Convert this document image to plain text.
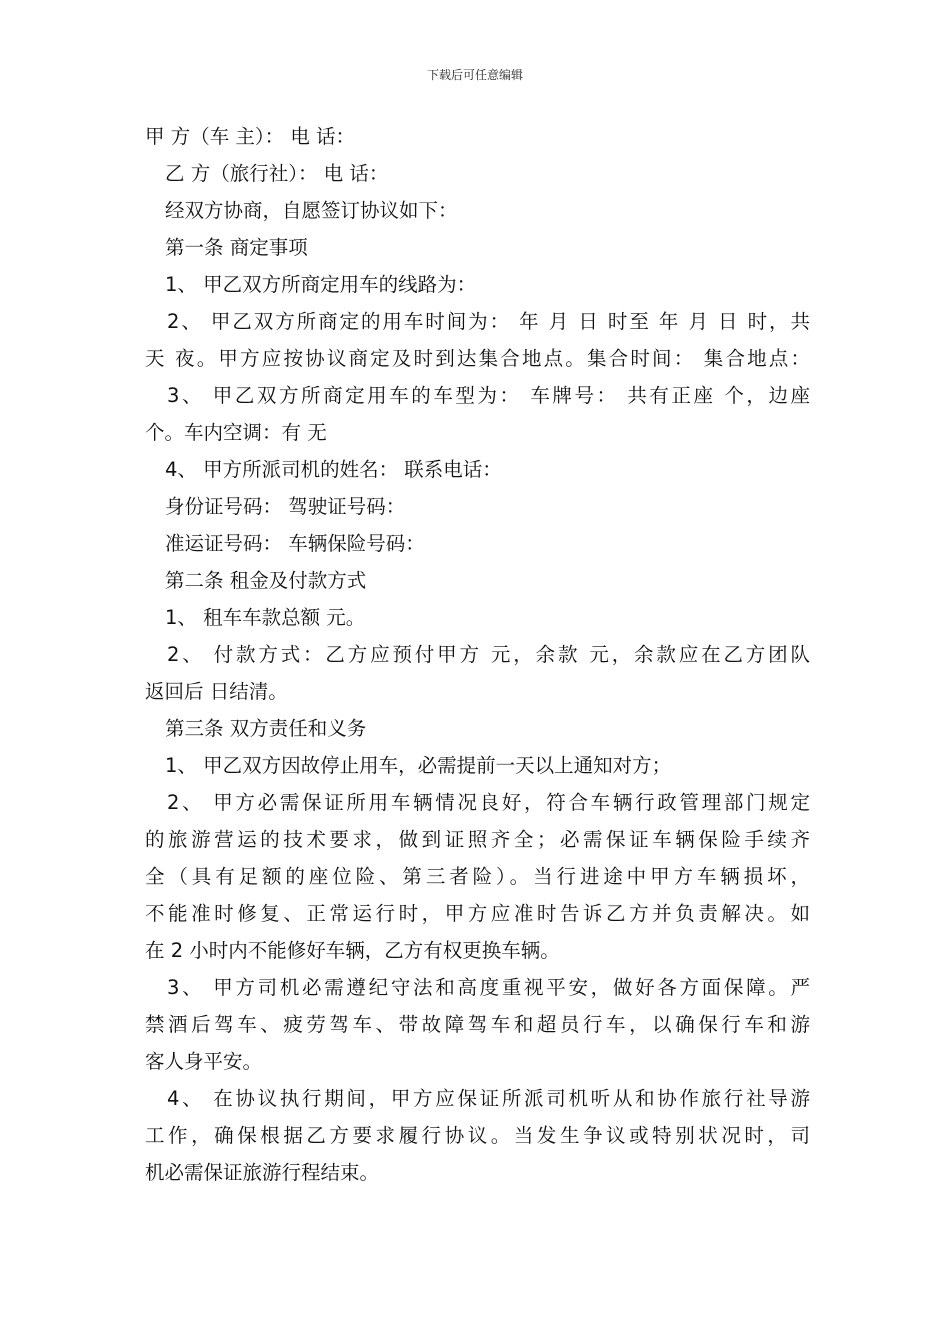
下载后可任意编辑
甲 方（车 主）： 电 话：
乙 方（旅行社）： 电 话：
经双方协商，自愿签订协议如下：
第一条 商定事项
1、 甲乙双方所商定用车的线路为：
2、 甲乙双方所商定的用车时间为： 年 月 日 时至 年 月 日 时，共
天 夜。甲方应按协议商定及时到达集合地点。集合时间： 集合地点：
3、 甲乙双方所商定用车的车型为： 车牌号： 共有正座 个，边座
个。车内空调：有 无
4、 甲方所派司机的姓名： 联系电话：
身份证号码： 驾驶证号码：
准运证号码： 车辆保险号码：
第二条 租金及付款方式
1、 租车车款总额 元。
2、 付款方式：乙方应预付甲方 元，余款 元，余款应在乙方团队
返回后 日结清。
第三条 双方责任和义务
1、 甲乙双方因故停止用车，必需提前一天以上通知对方；
2、 甲方必需保证所用车辆情况良好，符合车辆行政管理部门规定
的旅游营运的技术要求，做到证照齐全；必需保证车辆保险手续齐
全（具有足额的座位险、第三者险）。当行进途中甲方车辆损坏，
不能准时修复、正常运行时，甲方应准时告诉乙方并负责解决。如
在 2 小时内不能修好车辆，乙方有权更换车辆。
3、 甲方司机必需遵纪守法和高度重视平安，做好各方面保障。严
禁酒后驾车、疲劳驾车、带故障驾车和超员行车，以确保行车和游
客人身平安。
4、 在协议执行期间，甲方应保证所派司机听从和协作旅行社导游
工作，确保根据乙方要求履行协议。当发生争议或特别状况时，司
机必需保证旅游行程结束。
